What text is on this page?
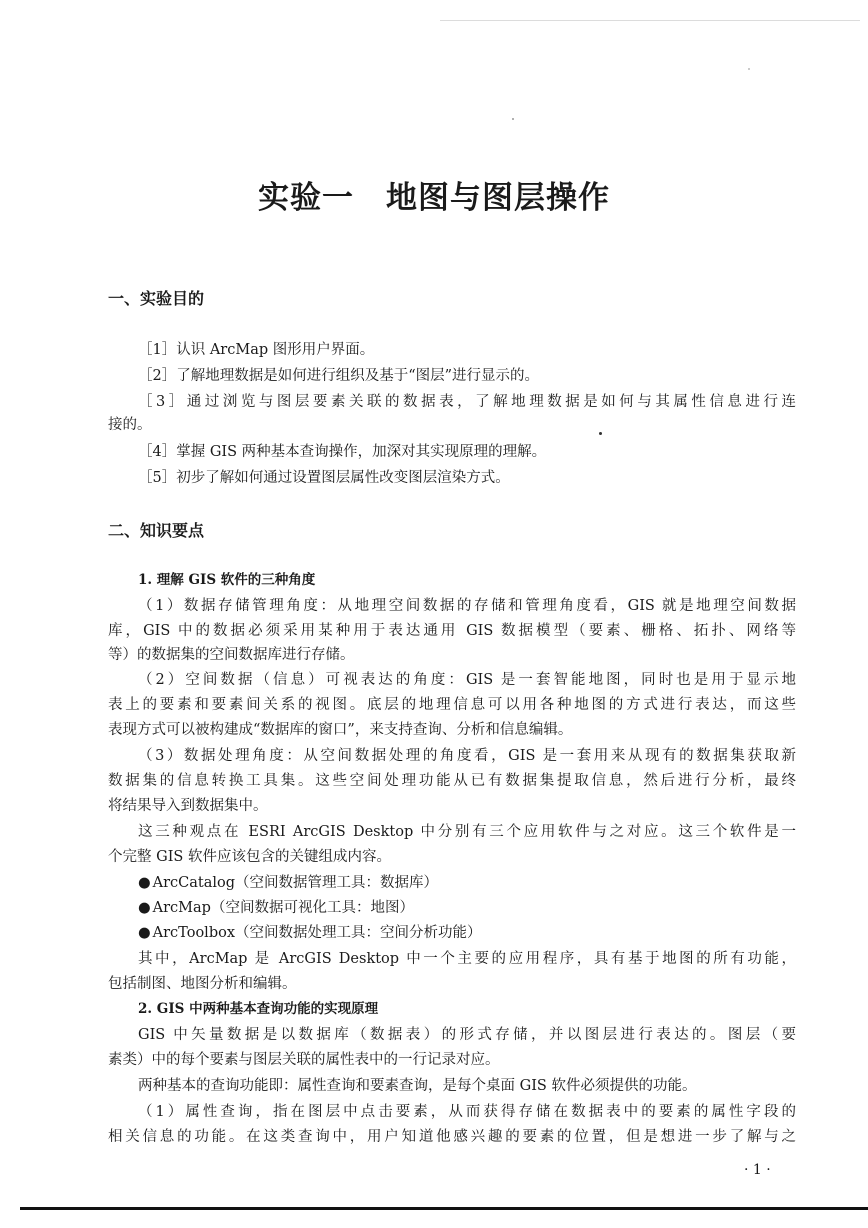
实验一　地图与图层操作
一、实验目的

［1］认识 ArcMap 图形用户界面。

［2］了解地理数据是如何进行组织及基于“图层”进行显示的。

［3］通过浏览与图层要素关联的数据表，了解地理数据是如何与其属性信息进行连

接的。

［4］掌握 GIS 两种基本查询操作，加深对其实现原理的理解。

［5］初步了解如何通过设置图层属性改变图层渲染方式。

二、知识要点
1. 理解 GIS 软件的三种角度

（1）数据存储管理角度：从地理空间数据的存储和管理角度看，GIS 就是地理空间数据

库，GIS 中的数据必须采用某种用于表达通用 GIS 数据模型（要素、栅格、拓扑、网络等

等）的数据集的空间数据库进行存储。

（2）空间数据（信息）可视表达的角度：GIS 是一套智能地图，同时也是用于显示地

表上的要素和要素间关系的视图。底层的地理信息可以用各种地图的方式进行表达，而这些

表现方式可以被构建成“数据库的窗口”，来支持查询、分析和信息编辑。

（3）数据处理角度：从空间数据处理的角度看，GIS 是一套用来从现有的数据集获取新

数据集的信息转换工具集。这些空间处理功能从已有数据集提取信息，然后进行分析，最终

将结果导入到数据集中。

这三种观点在 ESRI ArcGIS Desktop 中分别有三个应用软件与之对应。这三个软件是一

个完整 GIS 软件应该包含的关键组成内容。

● ArcCatalog（空间数据管理工具：数据库）

● ArcMap（空间数据可视化工具：地图）

● ArcToolbox（空间数据处理工具：空间分析功能）

其中，ArcMap 是 ArcGIS Desktop 中一个主要的应用程序，具有基于地图的所有功能，

包括制图、地图分析和编辑。

2. GIS 中两种基本查询功能的实现原理

GIS 中矢量数据是以数据库（数据表）的形式存储，并以图层进行表达的。图层（要

素类）中的每个要素与图层关联的属性表中的一行记录对应。

两种基本的查询功能即：属性查询和要素查询，是每个桌面 GIS 软件必须提供的功能。

（1）属性查询，指在图层中点击要素，从而获得存储在数据表中的要素的属性字段的

相关信息的功能。在这类查询中，用户知道他感兴趣的要素的位置，但是想进一步了解与之

· 1 ·
